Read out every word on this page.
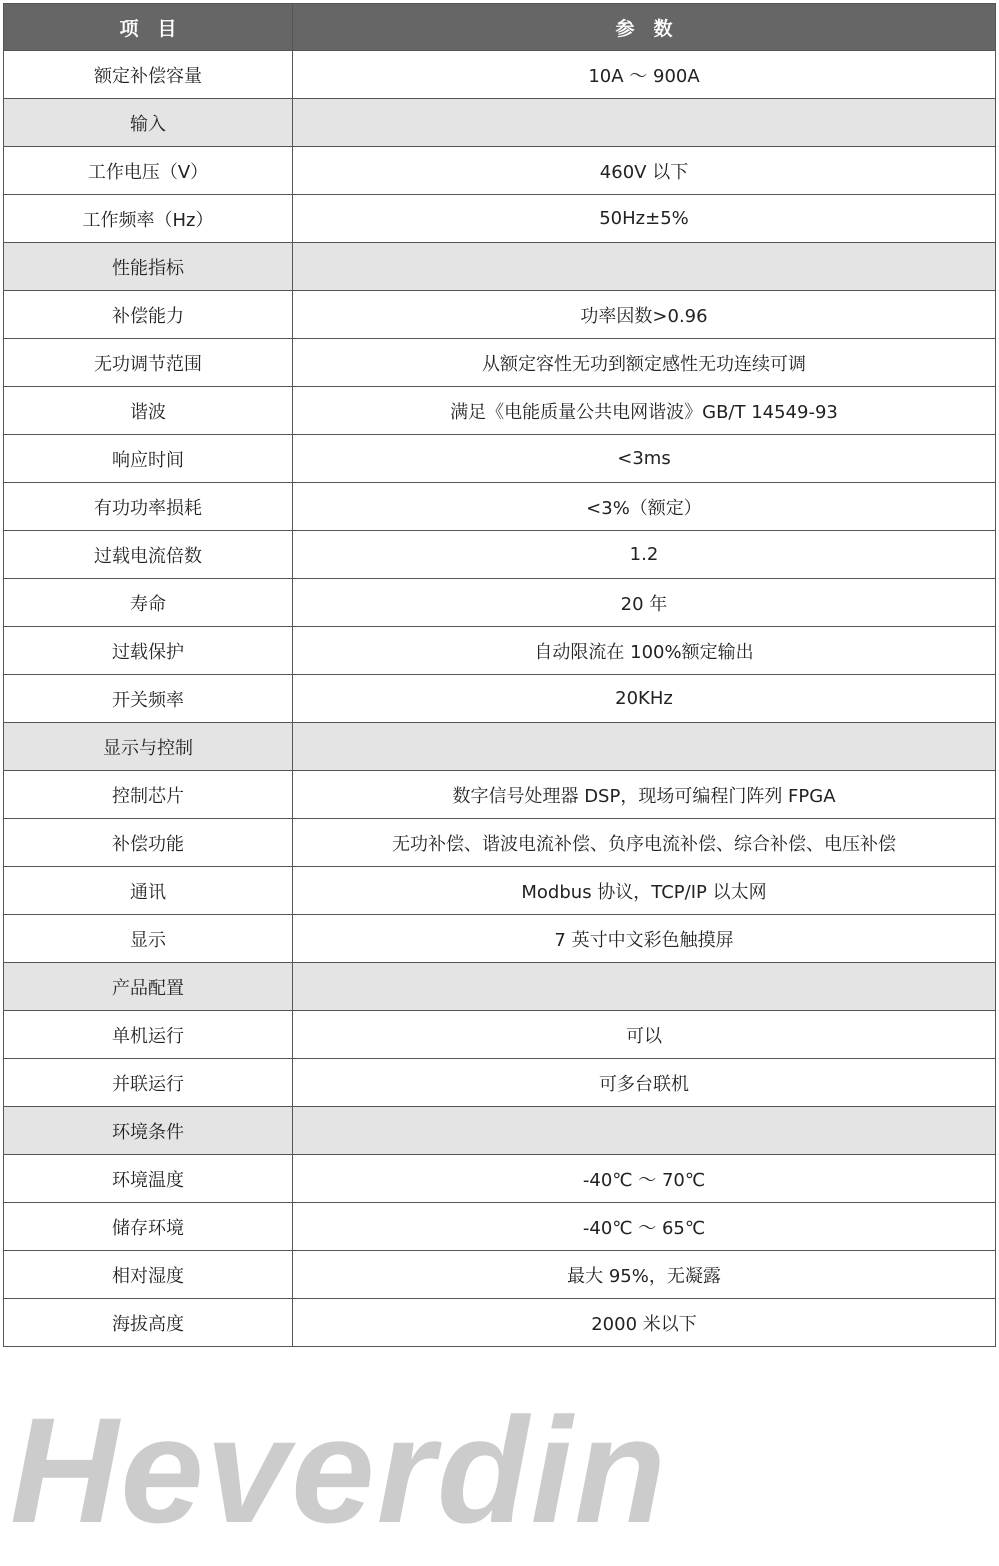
项　目	参　数
额定补偿容量	10A ～ 900A
输入	
工作电压（V）	460V 以下
工作频率（Hz）	50Hz±5%
性能指标	
补偿能力	功率因数>0.96
无功调节范围	从额定容性无功到额定感性无功连续可调
谐波	满足《电能质量公共电网谐波》GB/T 14549-93
响应时间	<3ms
有功功率损耗	<3%（额定）
过载电流倍数	1.2
寿命	20 年
过载保护	自动限流在 100%额定输出
开关频率	20KHz
显示与控制	
控制芯片	数字信号处理器 DSP，现场可编程门阵列 FPGA
补偿功能	无功补偿、谐波电流补偿、负序电流补偿、综合补偿、电压补偿
通讯	Modbus 协议，TCP/IP 以太网
显示	7 英寸中文彩色触摸屏
产品配置	
单机运行	可以
并联运行	可多台联机
环境条件	
环境温度	-40℃ ～ 70℃
储存环境	-40℃ ～ 65℃
相对湿度	最大 95%，无凝露
海拔高度	2000 米以下
Heverdin
